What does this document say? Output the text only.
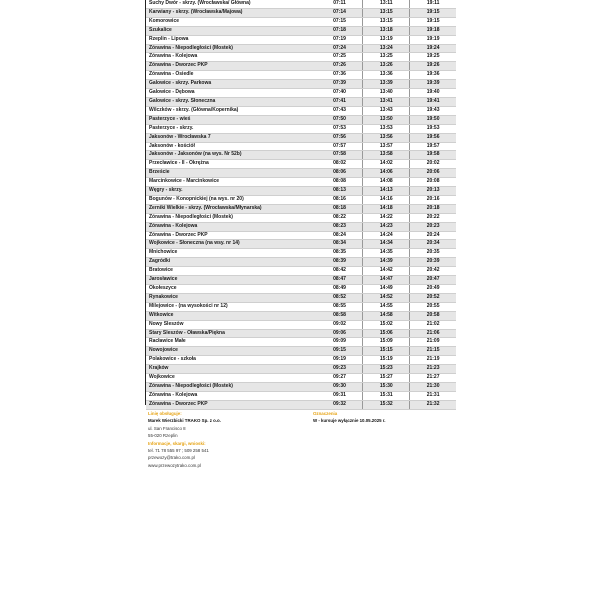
Suchy Dwór - skrzy. (Wrocławska/ Główna)	07:11	13:11	19:11
Karwiany - skrzy. (Wrocławska/Majowa)	07:14	13:15	19:15
Komorowice	07:15	13:15	19:15
Szukalice	07:18	13:18	19:18
Rzeplin - Lipowa	07:19	13:19	19:19
Żórawina - Niepodległości (Mostek)	07:24	13:24	19:24
Żórawina - Kolejowa	07:25	13:25	19:25
Żórawina - Dworzec PKP	07:26	13:26	19:26
Żórawina - Osiedle	07:36	13:36	19:36
Galowice - skrzy. Parkowa	07:39	13:39	19:39
Galowice - Dębowa	07:40	13:40	19:40
Galowice - skrzy. Słoneczna	07:41	13:41	19:41
Wilczków - skrzy. (Główna/Kopernika)	07:43	13:43	19:43
Pasterzyce - wieś	07:50	13:50	19:50
Pasterzyce - skrzy.	07:53	13:53	19:53
Jaksonów - Wrocławska 7	07:56	13:56	19:56
Jaksonów - kościół	07:57	13:57	19:57
Jaksonów - Jaksonów (na wys. Nr 52b)	07:58	13:58	19:58
Przecławice - II - Okrężna	08:02	14:02	20:02
Brzeście	08:06	14:06	20:06
Marcinkowice - Marcinkowice	08:08	14:08	20:08
Węgry - skrzy.	08:13	14:13	20:13
Bogunów - Konopnickiej (na wys. nr 20)	08:16	14:16	20:16
Żerniki Wielkie - skrzy. (Wrocławska/Młynarska)	08:18	14:18	20:18
Żórawina - Niepodległości (Mostek)	08:22	14:22	20:22
Żórawina - Kolejowa	08:23	14:23	20:23
Żórawina - Dworzec PKP	08:24	14:24	20:24
Wojkowice - Słoneczna (na wsy. nr 14)	08:34	14:34	20:34
Mnichowice	08:35	14:35	20:35
Zagródki	08:39	14:39	20:39
Bratowice	08:42	14:42	20:42
Jarosławice	08:47	14:47	20:47
Okołeszyce	08:49	14:49	20:49
Rynakowice	08:52	14:52	20:52
Milejowice - (na wysokości nr 12)	08:55	14:55	20:55
Witkowice	08:58	14:58	20:58
Nowy Śleszów	09:02	15:02	21:02
Stary Śleszów - Oławska/Piękna	09:06	15:06	21:06
Racławice Małe	09:09	15:09	21:09
Nowojowice	09:15	15:15	21:15
Polakowice - szkoła	09:19	15:19	21:19
Krajków	09:23	15:23	21:23
Wojkowice	09:27	15:27	21:27
Żórawina - Niepodległości (Mostek)	09:30	15:30	21:30
Żórawina - Kolejowa	09:31	15:31	21:31
Żórawina - Dworzec PKP	09:32	15:32	21:32
Linię obsługuje:
Marek Wierzbicki TRAKO Sp. z o.o.
ul. San Francisco 8
55-020 Rzeplin
Informacje, skargi, wnioski:
tel. 71 78 555 97 ; 509 258 541
przewozy@trako.com.pl
www.przewozytrako.com.pl
Oznaczenia
W - kursuje wyłącznie 10.05.2025 r.
